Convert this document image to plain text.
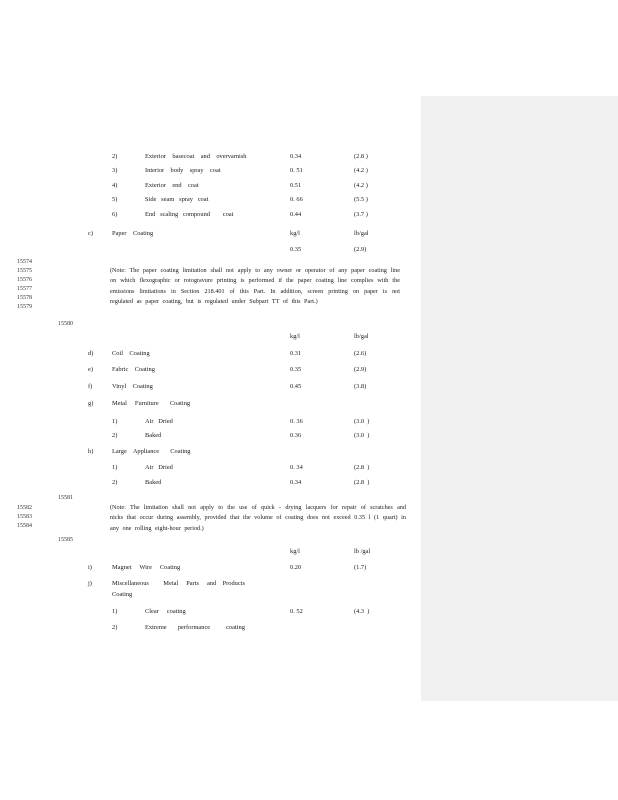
2)	Exterior    basecoat    and    overvarnish	0.34	(2.8 )
3)	Interior    body    spray    coat	0. 51	(4.2 )
4)	Exterior    end    coat	0.51	(4.2 )
5)	Side   seam   spray   coat	0. 66	(5.5 )
6)	End   scaling   compound        coat	0.44	(3.7 )
c)	Paper    Coating	kg/l	lb/gal
0.35	(2.9)
15574
15575
15576
15577
15578
15579
(Note: The paper coating limitation shall not apply to any owner or operator of any paper coating line on which flexographic or rotogravure printing is performed if the paper coating line complies with the emissions limitations in Section 218.401 of this Part. In addition, screen printing on paper is not regulated as paper coating, but is regulated under Subpart TT of this Part.)
15580
kg/l	lb/gal
d)	Coil    Coating	0.31	(2.6)
e)	Fabric    Coating	0.35	(2.9)
f)	Vinyl    Coating	0.45	(3.8)
g)	Metal     Furniture       Coating
1)	Air   Dried	0. 36	(3.0  )
2)	Baked	0.36	(3.0  )
h)	Large    Appliance       Coating
1)	Air   Dried	0. 34	(2.8  )
2)	Baked	0.34	(2.8  )
15581
15582
15583
15584
(Note: The limitation shall not apply to the use of quick - drying lacquers for repair of scratches and nicks that occur during assembly, provided that the volume of coating does not exceed 0.35 l (1 quart) in any one rolling eight-hour period.)
15585
kg/l	lb /gal
i)	Magnet     Wire     Coating	0.20	(1.7)
j)	Miscellaneous         Metal     Parts     and    Products
Coating
1)	Clear     coating	0. 52	(4.3  )
2)	Extreme       performance          coating
